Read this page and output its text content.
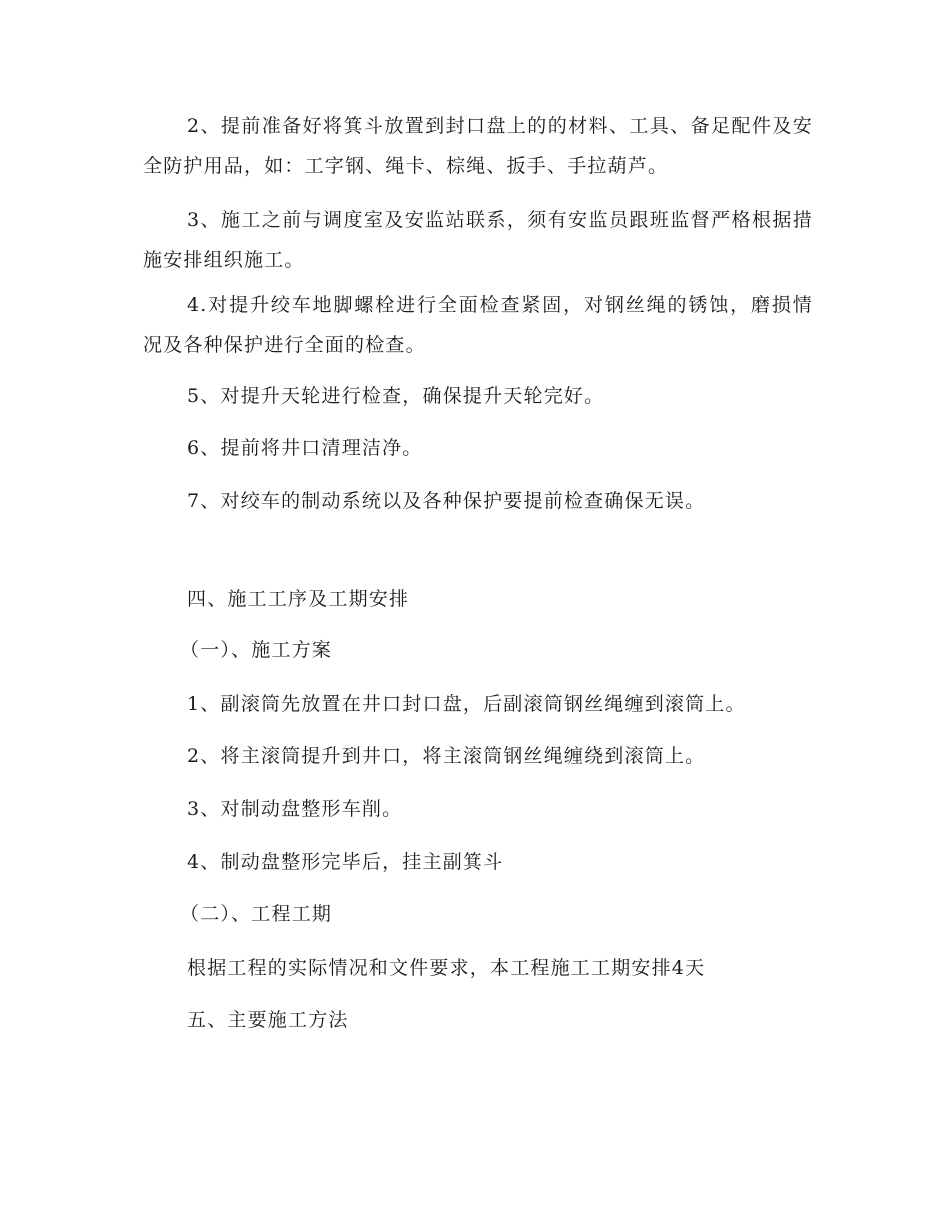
2、提前准备好将箕斗放置到封口盘上的的材料、工具、备足配件及安全防护用品，如：工字钢、绳卡、棕绳、扳手、手拉葫芦。

3、施工之前与调度室及安监站联系，须有安监员跟班监督严格根据措施安排组织施工。

4.对提升绞车地脚螺栓进行全面检查紧固，对钢丝绳的锈蚀，磨损情况及各种保护进行全面的检查。

5、对提升天轮进行检查，确保提升天轮完好。

6、提前将井口清理洁净。

7、对绞车的制动系统以及各种保护要提前检查确保无误。

四、施工工序及工期安排

（一）、施工方案

1、副滚筒先放置在井口封口盘，后副滚筒钢丝绳缠到滚筒上。

2、将主滚筒提升到井口，将主滚筒钢丝绳缠绕到滚筒上。

3、对制动盘整形车削。

4、制动盘整形完毕后，挂主副箕斗

（二）、工程工期

根据工程的实际情况和文件要求，本工程施工工期安排4天

五、主要施工方法
